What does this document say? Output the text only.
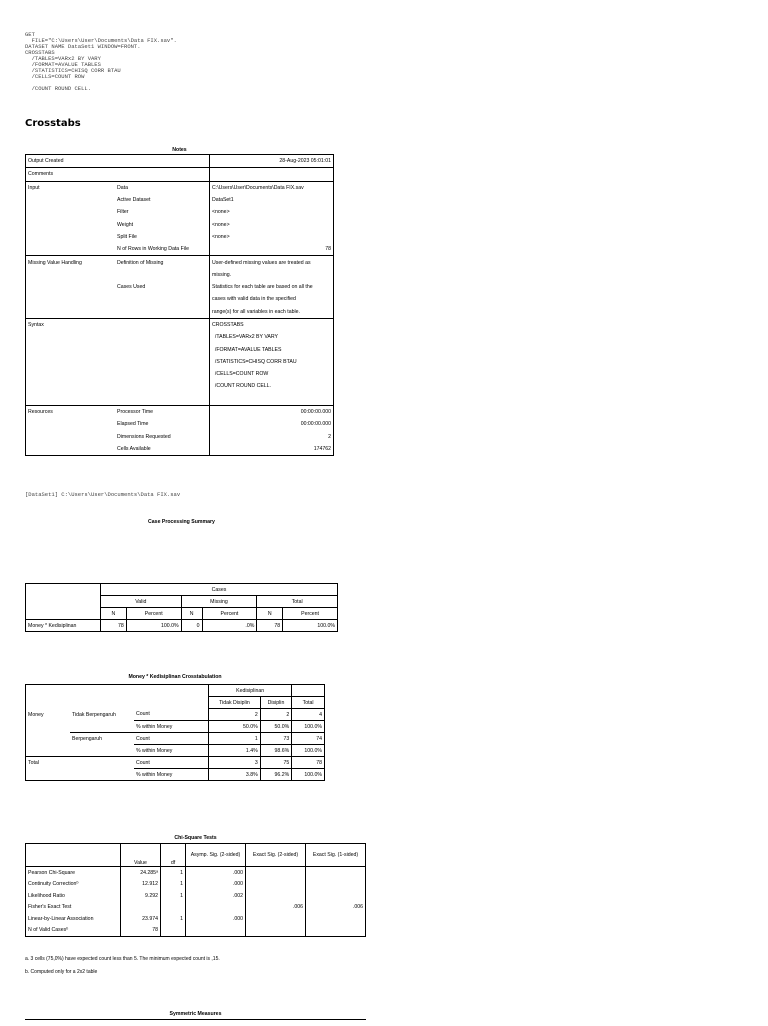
GET
FILE="C:\Users\User\Documents\Data FIX.sav".
DATASET NAME DataSet1 WINDOW=FRONT.
CROSSTABS
/TABLES=VARx2 BY VARY
/FORMAT=AVALUE TABLES
/STATISTICS=CHISQ CORR BTAU
/CELLS=COUNT ROW
/COUNT ROUND CELL.
Crosstabs
Notes
Output Created		28-Aug-2023 05:01:01
Comments		
Input	Data	C:\Users\User\Documents\Data FIX.sav
	Active Dataset	DataSet1
	Filter	<none>
	Weight	<none>
	Split File	<none>
	N of Rows in Working Data File	78
Missing Value Handling	Definition of Missing	User-defined missing values are treated as
		missing.
	Cases Used	Statistics for each table are based on all the
		cases with valid data in the specified
		range(s) for all variables in each table.
Syntax		CROSSTABS
		/TABLES=VARx2 BY VARY
		/FORMAT=AVALUE TABLES
		/STATISTICS=CHISQ CORR BTAU
		/CELLS=COUNT ROW
		/COUNT ROUND CELL.

Resources	Processor Time	00:00:00.000
	Elapsed Time	00:00:00.000
	Dimensions Requested	2
	Cells Available	174762
[DataSet1] C:\Users\User\Documents\Data FIX.sav
Case Processing Summary
	Cases					
	Valid		Missing		Total	
	N	Percent	N	Percent	N	Percent
Money * Kedisiplinan	78	100.0%	0	.0%	78	100.0%
Money * Kedisiplinan Crosstabulation
			Kedisiplinan		
			Tidak Disiplin	Disiplin	Total
Money	Tidak Berpengaruh	Count	2	2	4
		% within Money	50.0%	50.0%	100.0%
	Berpengaruh	Count	1	73	74
		% within Money	1.4%	98.6%	100.0%
Total		Count	3	75	78
		% within Money	3.8%	96.2%	100.0%
Chi-Square Tests
	Value	df	Asymp. Sig. (2-sided)	Exact Sig. (2-sided)	Exact Sig. (1-sided)
Pearson Chi-Square	24.285ᵃ	1	.000		
Continuity Correctionᵇ	12.912	1	.000		
Likelihood Ratio	9.292	1	.002		
Fisher's Exact Test				.006	.006
Linear-by-Linear Association	23.974	1	.000		
N of Valid Casesᵇ	78				
a. 3 cells (75,0%) have expected count less than 5. The minimum expected count is ,15.
b. Computed only for a 2x2 table
Symmetric Measures
